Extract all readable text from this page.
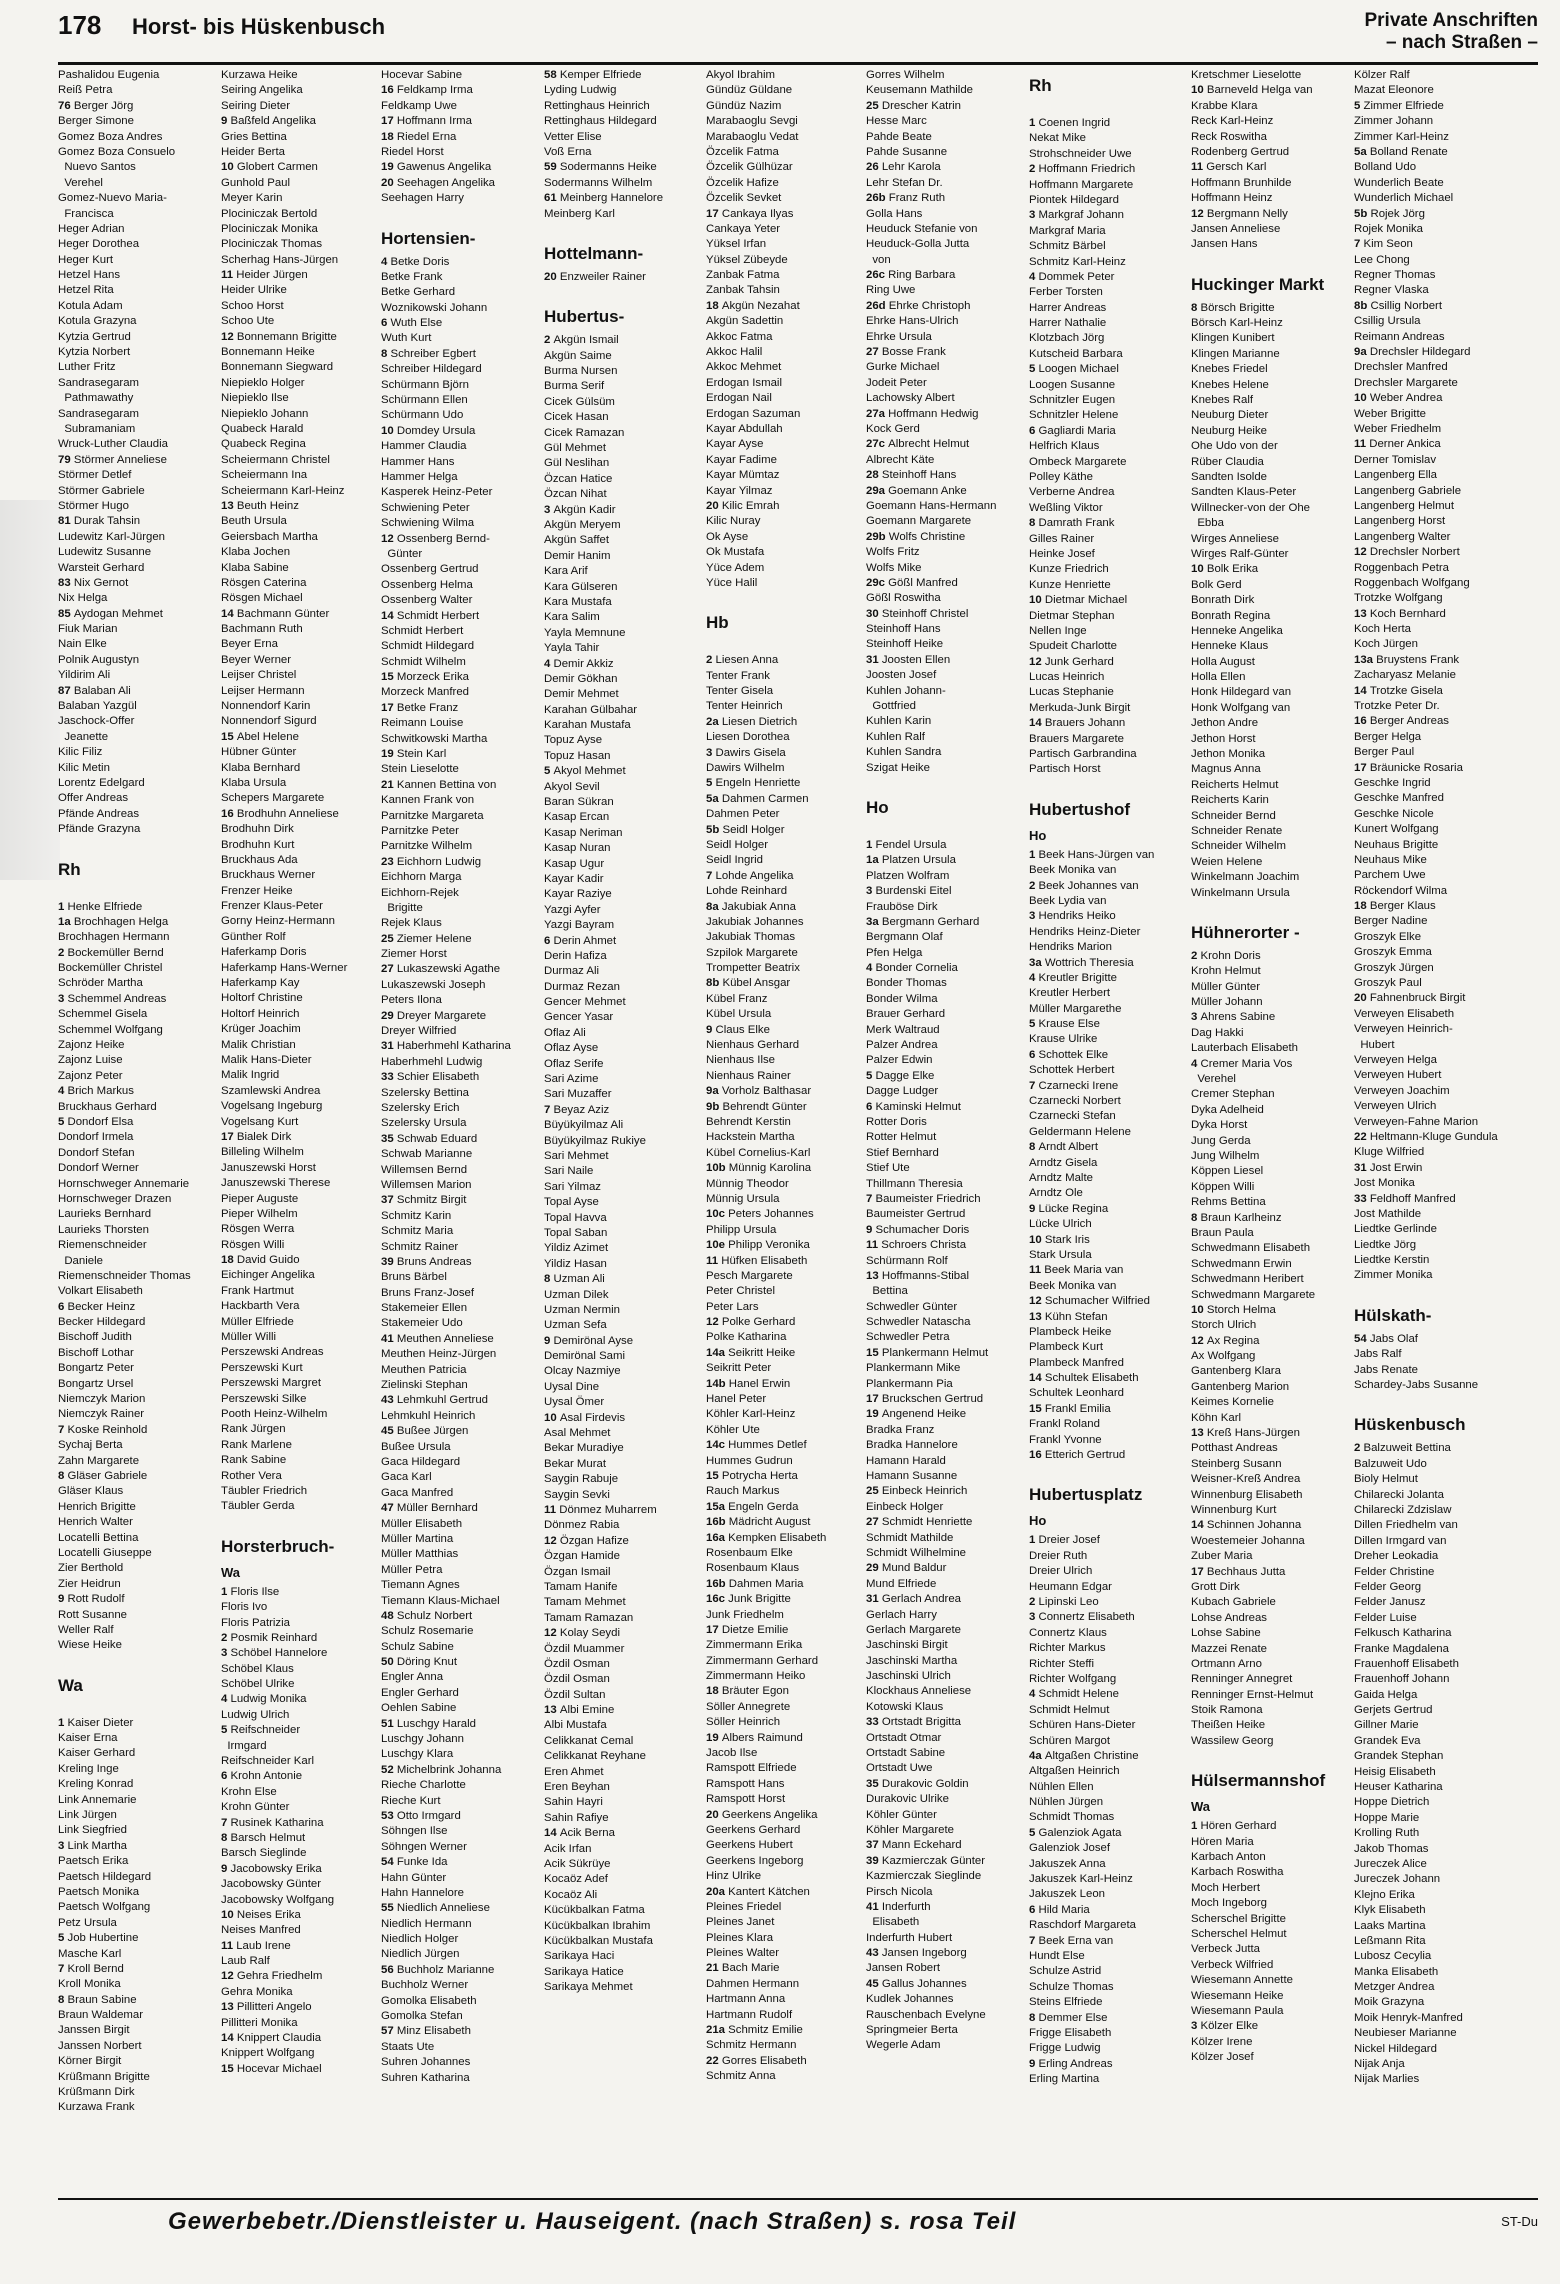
178 Horst- bis Hüskenbusch	Private Anschriften
– nach Straßen –
Pashalidou Eugenia
Reiß Petra
76 Berger Jörg
Berger Simone
Gomez Boza Andres
Gomez Boza Consuelo
Nuevo Santos
Verehel
Gomez-Nuevo Maria-
Francisca
Heger Adrian
Heger Dorothea
Heger Kurt
Hetzel Hans
Hetzel Rita
Kotula Adam
Kotula Grazyna
Kytzia Gertrud
Kytzia Norbert
Luther Fritz
Sandrasegaram
Pathmawathy
Sandrasegaram
Subramaniam
Wruck-Luther Claudia
79 Störmer Anneliese
Störmer Detlef
Störmer Gabriele
Störmer Hugo
81 Durak Tahsin
Ludewitz Karl-Jürgen
Ludewitz Susanne
Warsteit Gerhard
83 Nix Gernot
Nix Helga
85 Aydogan Mehmet
Fiuk Marian
Nain Elke
Polnik Augustyn
Yildirim Ali
87 Balaban Ali
Balaban Yazgül
Jaschock-Offer
Jeanette
Kilic Filiz
Kilic Metin
Lorentz Edelgard
Offer Andreas
Pfände Andreas
Pfände Grazyna
Rh
1 Henke Elfriede
1a Brochhagen Helga
Brochhagen Hermann
2 Bockemüller Bernd
Bockemüller Christel
Schröder Martha
3 Schemmel Andreas
Schemmel Gisela
Schemmel Wolfgang
Zajonz Heike
Zajonz Luise
Zajonz Peter
4 Brich Markus
Bruckhaus Gerhard
5 Dondorf Elsa
Dondorf Irmela
Dondorf Stefan
Dondorf Werner
Hornschweger Annemarie
Hornschweger Drazen
Laurieks Bernhard
Laurieks Thorsten
Riemenschneider
Daniele
Riemenschneider Thomas
Volkart Elisabeth
6 Becker Heinz
Becker Hildegard
Bischoff Judith
Bischoff Lothar
Bongartz Peter
Bongartz Ursel
Niemczyk Marion
Niemczyk Rainer
7 Koske Reinhold
Sychaj Berta
Zahn Margarete
8 Gläser Gabriele
Gläser Klaus
Henrich Brigitte
Henrich Walter
Locatelli Bettina
Locatelli Giuseppe
Zier Berthold
Zier Heidrun
9 Rott Rudolf
Rott Susanne
Weller Ralf
Wiese Heike
Wa
1 Kaiser Dieter
Kaiser Erna
Kaiser Gerhard
Kreling Inge
Kreling Konrad
Link Annemarie
Link Jürgen
Link Siegfried
3 Link Martha
Paetsch Erika
Paetsch Hildegard
Paetsch Monika
Paetsch Wolfgang
Petz Ursula
5 Job Hubertine
Masche Karl
7 Kroll Bernd
Kroll Monika
8 Braun Sabine
Braun Waldemar
Janssen Birgit
Janssen Norbert
Körner Birgit
Krüßmann Brigitte
Krüßmann Dirk
Kurzawa Frank
Kurzawa Heike
Seiring Angelika
Seiring Dieter
9 Baßfeld Angelika
Gries Bettina
Heider Berta
10 Globert Carmen
Gunhold Paul
Meyer Karin
Plociniczak Bertold
Plociniczak Monika
Plociniczak Thomas
Scherhag Hans-Jürgen
11 Heider Jürgen
Heider Ulrike
Schoo Horst
Schoo Ute
12 Bonnemann Brigitte
Bonnemann Heike
Bonnemann Siegward
Niepieklo Holger
Niepieklo Ilse
Niepieklo Johann
Quabeck Harald
Quabeck Regina
Scheiermann Christel
Scheiermann Ina
Scheiermann Karl-Heinz
13 Beuth Heinz
Beuth Ursula
Geiersbach Martha
Klaba Jochen
Klaba Sabine
Rösgen Caterina
Rösgen Michael
14 Bachmann Günter
Bachmann Ruth
Beyer Erna
Beyer Werner
Leijser Christel
Leijser Hermann
Nonnendorf Karin
Nonnendorf Sigurd
15 Abel Helene
Hübner Günter
Klaba Bernhard
Klaba Ursula
Schepers Margarete
16 Brodhuhn Anneliese
Brodhuhn Dirk
Brodhuhn Kurt
Bruckhaus Ada
Bruckhaus Werner
Frenzer Heike
Frenzer Klaus-Peter
Gorny Heinz-Hermann
Günther Rolf
Haferkamp Doris
Haferkamp Hans-Werner
Haferkamp Kay
Holtorf Christine
Holtorf Heinrich
Krüger Joachim
Malik Christian
Malik Hans-Dieter
Malik Ingrid
Szamlewski Andrea
Vogelsang Ingeburg
Vogelsang Kurt
17 Bialek Dirk
Billeling Wilhelm
Januszewski Horst
Januszewski Therese
Pieper Auguste
Pieper Wilhelm
Rösgen Werra
Rösgen Willi
18 David Guido
Eichinger Angelika
Frank Hartmut
Hackbarth Vera
Müller Elfriede
Müller Willi
Perszewski Andreas
Perszewski Kurt
Perszewski Margret
Perszewski Silke
Pooth Heinz-Wilhelm
Rank Jürgen
Rank Marlene
Rank Sabine
Rother Vera
Täubler Friedrich
Täubler Gerda
Horsterbruch-
Wa
1 Floris Ilse
Floris Ivo
Floris Patrizia
2 Posmik Reinhard
3 Schöbel Hannelore
Schöbel Klaus
Schöbel Ulrike
4 Ludwig Monika
Ludwig Ulrich
5 Reifschneider
Irmgard
Reifschneider Karl
6 Krohn Antonie
Krohn Else
Krohn Günter
7 Rusinek Katharina
8 Barsch Helmut
Barsch Sieglinde
9 Jacobowsky Erika
Jacobowsky Günter
Jacobowsky Wolfgang
10 Neises Erika
Neises Manfred
11 Laub Irene
Laub Ralf
12 Gehra Friedhelm
Gehra Monika
13 Pillitteri Angelo
Pillitteri Monika
14 Knippert Claudia
Knippert Wolfgang
15 Hocevar Michael
Hocevar Sabine
16 Feldkamp Irma
Feldkamp Uwe
17 Hoffmann Irma
18 Riedel Erna
Riedel Horst
19 Gawenus Angelika
20 Seehagen Angelika
Seehagen Harry
Hortensien-
4 Betke Doris
Betke Frank
Betke Gerhard
Woznikowski Johann
6 Wuth Else
Wuth Kurt
8 Schreiber Egbert
Schreiber Hildegard
Schürmann Björn
Schürmann Ellen
Schürmann Udo
10 Domdey Ursula
Hammer Claudia
Hammer Hans
Hammer Helga
Kasperek Heinz-Peter
Schwiening Peter
Schwiening Wilma
12 Ossenberg Bernd-
Günter
Ossenberg Gertrud
Ossenberg Helma
Ossenberg Walter
14 Schmidt Herbert
Schmidt Herbert
Schmidt Hildegard
Schmidt Wilhelm
15 Morzeck Erika
Morzeck Manfred
17 Betke Franz
Reimann Louise
Schwitkowski Martha
19 Stein Karl
Stein Lieselotte
21 Kannen Bettina von
Kannen Frank von
Parnitzke Margareta
Parnitzke Peter
Parnitzke Wilhelm
23 Eichhorn Ludwig
Eichhorn Marga
Eichhorn-Rejek
Brigitte
Rejek Klaus
25 Ziemer Helene
Ziemer Horst
27 Lukaszewski Agathe
Lukaszewski Joseph
Peters Ilona
29 Dreyer Margarete
Dreyer Wilfried
31 Haberhmehl Katharina
Haberhmehl Ludwig
33 Schier Elisabeth
Szelersky Bettina
Szelersky Erich
Szelersky Ursula
35 Schwab Eduard
Schwab Marianne
Willemsen Bernd
Willemsen Marion
37 Schmitz Birgit
Schmitz Karin
Schmitz Maria
Schmitz Rainer
39 Bruns Andreas
Bruns Bärbel
Bruns Franz-Josef
Stakemeier Ellen
Stakemeier Udo
41 Meuthen Anneliese
Meuthen Heinz-Jürgen
Meuthen Patricia
Zielinski Stephan
43 Lehmkuhl Gertrud
Lehmkuhl Heinrich
45 Bußee Jürgen
Bußee Ursula
Gaca Hildegard
Gaca Karl
Gaca Manfred
47 Müller Bernhard
Müller Elisabeth
Müller Martina
Müller Matthias
Müller Petra
Tiemann Agnes
Tiemann Klaus-Michael
48 Schulz Norbert
Schulz Rosemarie
Schulz Sabine
50 Döring Knut
Engler Anna
Engler Gerhard
Oehlen Sabine
51 Luschgy Harald
Luschgy Johann
Luschgy Klara
52 Michelbrink Johanna
Rieche Charlotte
Rieche Kurt
53 Otto Irmgard
Söhngen Ilse
Söhngen Werner
54 Funke Ida
Hahn Günter
Hahn Hannelore
55 Niedlich Anneliese
Niedlich Hermann
Niedlich Holger
Niedlich Jürgen
56 Buchholz Marianne
Buchholz Werner
Gomolka Elisabeth
Gomolka Stefan
57 Minz Elisabeth
Staats Ute
Suhren Johannes
Suhren Katharina
58 Kemper Elfriede
Lyding Ludwig
Rettinghaus Heinrich
Rettinghaus Hildegard
Vetter Elise
Voß Erna
59 Sodermanns Heike
Sodermanns Wilhelm
61 Meinberg Hannelore
Meinberg Karl
Hottelmann-
20 Enzweiler Rainer
Hubertus-
2 Akgün Ismail
Akgün Saime
Burma Nursen
Burma Serif
Cicek Gülsüm
Cicek Hasan
Cicek Ramazan
Gül Mehmet
Gül Neslihan
Özcan Hatice
Özcan Nihat
3 Akgün Kadir
Akgün Meryem
Akgün Saffet
Demir Hanim
Kara Arif
Kara Gülseren
Kara Mustafa
Kara Salim
Yayla Memnune
Yayla Tahir
4 Demir Akkiz
Demir Gökhan
Demir Mehmet
Karahan Gülbahar
Karahan Mustafa
Topuz Ayse
Topuz Hasan
5 Akyol Mehmet
Akyol Sevil
Baran Sükran
Kasap Ercan
Kasap Neriman
Kasap Nuran
Kasap Ugur
Kayar Kadir
Kayar Raziye
Yazgi Ayfer
Yazgi Bayram
6 Derin Ahmet
Derin Hafiza
Durmaz Ali
Durmaz Rezan
Gencer Mehmet
Gencer Yasar
Oflaz Ali
Oflaz Ayse
Oflaz Serife
Sari Azime
Sari Muzaffer
7 Beyaz Aziz
Büyükyilmaz Ali
Büyükyilmaz Rukiye
Sari Mehmet
Sari Naile
Sari Yilmaz
Topal Ayse
Topal Havva
Topal Saban
Yildiz Azimet
Yildiz Hasan
8 Uzman Ali
Uzman Dilek
Uzman Nermin
Uzman Sefa
9 Demirönal Ayse
Demirönal Sami
Olcay Nazmiye
Uysal Dine
Uysal Ömer
10 Asal Firdevis
Asal Mehmet
Bekar Muradiye
Bekar Murat
Saygin Rabuje
Saygin Sevki
11 Dönmez Muharrem
Dönmez Rabia
12 Özgan Hafize
Özgan Hamide
Özgan Ismail
Tamam Hanife
Tamam Mehmet
Tamam Ramazan
12 Kolay Seydi
Özdil Muammer
Özdil Osman
Özdil Osman
Özdil Sultan
13 Albi Emine
Albi Mustafa
Celikkanat Cemal
Celikkanat Reyhane
Eren Ahmet
Eren Beyhan
Sahin Hayri
Sahin Rafiye
14 Acik Berna
Acik Irfan
Acik Sükrüye
Kocaöz Adef
Kocaöz Ali
Kücükbalkan Fatma
Kücükbalkan Ibrahim
Kücükbalkan Mustafa
Sarikaya Haci
Sarikaya Hatice
Sarikaya Mehmet
Akyol Ibrahim
Gündüz Güldane
Gündüz Nazim
Marabaoglu Sevgi
Marabaoglu Vedat
Özcelik Fatma
Özcelik Gülhüzar
Özcelik Hafize
Özcelik Sevket
17 Cankaya Ilyas
Cankaya Yeter
Yüksel Irfan
Yüksel Zübeyde
Zanbak Fatma
Zanbak Tahsin
18 Akgün Nezahat
Akgün Sadettin
Akkoc Fatma
Akkoc Halil
Akkoc Mehmet
Erdogan Ismail
Erdogan Nail
Erdogan Sazuman
Kayar Abdullah
Kayar Ayse
Kayar Fadime
Kayar Mümtaz
Kayar Yilmaz
20 Kilic Emrah
Kilic Nuray
Ok Ayse
Ok Mustafa
Yüce Adem
Yüce Halil
Hb
2 Liesen Anna
Tenter Frank
Tenter Gisela
Tenter Heinrich
2a Liesen Dietrich
Liesen Dorothea
3 Dawirs Gisela
Dawirs Wilhelm
5 Engeln Henriette
5a Dahmen Carmen
Dahmen Peter
5b Seidl Holger
Seidl Holger
Seidl Ingrid
7 Lohde Angelika
Lohde Reinhard
8a Jakubiak Anna
Jakubiak Johannes
Jakubiak Thomas
Szpilok Margarete
Trompetter Beatrix
8b Kübel Ansgar
Kübel Franz
Kübel Ursula
9 Claus Elke
Nienhaus Gerhard
Nienhaus Ilse
Nienhaus Rainer
9a Vorholz Balthasar
9b Behrendt Günter
Behrendt Kerstin
Hackstein Martha
Kübel Cornelius-Karl
10b Münnig Karolina
Münnig Theodor
Münnig Ursula
10c Peters Johannes
Philipp Ursula
10e Philipp Veronika
11 Hüfken Elisabeth
Pesch Margarete
Peter Christel
Peter Lars
12 Polke Gerhard
Polke Katharina
14a Seikritt Heike
Seikritt Peter
14b Hanel Erwin
Hanel Peter
Köhler Karl-Heinz
Köhler Ute
14c Hummes Detlef
Hummes Gudrun
15 Potrycha Herta
Rauch Markus
15a Engeln Gerda
16b Mädricht August
16a Kempken Elisabeth
Rosenbaum Elke
Rosenbaum Klaus
16b Dahmen Maria
16c Junk Brigitte
Junk Friedhelm
17 Dietze Emilie
Zimmermann Erika
Zimmermann Gerhard
Zimmermann Heiko
18 Bräuter Egon
Söller Annegrete
Söller Heinrich
19 Albers Raimund
Jacob Ilse
Ramspott Elfriede
Ramspott Hans
Ramspott Horst
20 Geerkens Angelika
Geerkens Gerhard
Geerkens Hubert
Geerkens Ingeborg
Hinz Ulrike
20a Kantert Kätchen
Pleines Friedel
Pleines Janet
Pleines Klara
Pleines Walter
21 Bach Marie
Dahmen Hermann
Hartmann Anna
Hartmann Rudolf
21a Schmitz Emilie
Schmitz Hermann
22 Gorres Elisabeth
Schmitz Anna
Gorres Wilhelm
Keusemann Mathilde
25 Drescher Katrin
Hesse Marc
Pahde Beate
Pahde Susanne
26 Lehr Karola
Lehr Stefan Dr.
26b Franz Ruth
Golla Hans
Heuduck Stefanie von
Heuduck-Golla Jutta
von
26c Ring Barbara
Ring Uwe
26d Ehrke Christoph
Ehrke Hans-Ulrich
Ehrke Ursula
27 Bosse Frank
Gurke Michael
Jodeit Peter
Lachowsky Albert
27a Hoffmann Hedwig
Kock Gerd
27c Albrecht Helmut
Albrecht Käte
28 Steinhoff Hans
29a Goemann Anke
Goemann Hans-Hermann
Goemann Margarete
29b Wolfs Christine
Wolfs Fritz
Wolfs Mike
29c Gößl Manfred
Gößl Roswitha
30 Steinhoff Christel
Steinhoff Hans
Steinhoff Heike
31 Joosten Ellen
Joosten Josef
Kuhlen Johann-
Gottfried
Kuhlen Karin
Kuhlen Ralf
Kuhlen Sandra
Szigat Heike
Ho
1 Fendel Ursula
1a Platzen Ursula
Platzen Wolfram
3 Burdenski Eitel
Frauböse Dirk
3a Bergmann Gerhard
Bergmann Olaf
Pfen Helga
4 Bonder Cornelia
Bonder Thomas
Bonder Wilma
Brauer Gerhard
Merk Waltraud
Palzer Andrea
Palzer Edwin
5 Dagge Elke
Dagge Ludger
6 Kaminski Helmut
Rotter Doris
Rotter Helmut
Stief Bernhard
Stief Ute
Thillmann Theresia
7 Baumeister Friedrich
Baumeister Gertrud
9 Schumacher Doris
11 Schroers Christa
Schürmann Rolf
13 Hoffmanns-Stibal
Bettina
Schwedler Günter
Schwedler Natascha
Schwedler Petra
15 Plankermann Helmut
Plankermann Mike
Plankermann Pia
17 Bruckschen Gertrud
19 Angenend Heike
Bradka Franz
Bradka Hannelore
Hamann Harald
Hamann Susanne
25 Einbeck Heinrich
Einbeck Holger
27 Schmidt Henriette
Schmidt Mathilde
Schmidt Wilhelmine
29 Mund Baldur
Mund Elfriede
31 Gerlach Andrea
Gerlach Harry
Gerlach Margarete
Jaschinski Birgit
Jaschinski Martha
Jaschinski Ulrich
Klockhaus Anneliese
Kotowski Klaus
33 Ortstadt Brigitta
Ortstadt Otmar
Ortstadt Sabine
Ortstadt Uwe
35 Durakovic Goldin
Durakovic Ulrike
Köhler Günter
Köhler Margarete
37 Mann Eckehard
39 Kazmierczak Günter
Kazmierczak Sieglinde
Pirsch Nicola
41 Inderfurth
Elisabeth
Inderfurth Hubert
43 Jansen Ingeborg
Jansen Robert
45 Gallus Johannes
Kudlek Johannes
Rauschenbach Evelyne
Springmeier Berta
Wegerle Adam
Rh
1 Coenen Ingrid
Nekat Mike
Strohschneider Uwe
2 Hoffmann Friedrich
Hoffmann Margarete
Piontek Hildegard
3 Markgraf Johann
Markgraf Maria
Schmitz Bärbel
Schmitz Karl-Heinz
4 Dommek Peter
Ferber Torsten
Harrer Andreas
Harrer Nathalie
Klotzbach Jörg
Kutscheid Barbara
5 Loogen Michael
Loogen Susanne
Schnitzler Eugen
Schnitzler Helene
6 Gagliardi Maria
Helfrich Klaus
Ombeck Margarete
Polley Käthe
Verberne Andrea
Weßling Viktor
8 Damrath Frank
Gilles Rainer
Heinke Josef
Kunze Friedrich
Kunze Henriette
10 Dietmar Michael
Dietmar Stephan
Nellen Inge
Spudeit Charlotte
12 Junk Gerhard
Lucas Heinrich
Lucas Stephanie
Merkuda-Junk Birgit
14 Brauers Johann
Brauers Margarete
Partisch Garbrandina
Partisch Horst
Hubertushof
Ho
1 Beek Hans-Jürgen van
Beek Monika van
2 Beek Johannes van
Beek Lydia van
3 Hendriks Heiko
Hendriks Heinz-Dieter
Hendriks Marion
3a Wottrich Theresia
4 Kreutler Brigitte
Kreutler Herbert
Müller Margarethe
5 Krause Else
Krause Ulrike
6 Schottek Elke
Schottek Herbert
7 Czarnecki Irene
Czarnecki Norbert
Czarnecki Stefan
Geldermann Helene
8 Arndt Albert
Arndtz Gisela
Arndtz Malte
Arndtz Ole
9 Lücke Regina
Lücke Ulrich
10 Stark Iris
Stark Ursula
11 Beek Maria van
Beek Monika van
12 Schumacher Wilfried
13 Kühn Stefan
Plambeck Heike
Plambeck Kurt
Plambeck Manfred
14 Schultek Elisabeth
Schultek Leonhard
15 Frankl Emilia
Frankl Roland
Frankl Yvonne
16 Etterich Gertrud
Hubertusplatz
Ho
1 Dreier Josef
Dreier Ruth
Dreier Ulrich
Heumann Edgar
2 Lipinski Leo
3 Connertz Elisabeth
Connertz Klaus
Richter Markus
Richter Steffi
Richter Wolfgang
4 Schmidt Helene
Schmidt Helmut
Schüren Hans-Dieter
Schüren Margot
4a Altgaßen Christine
Altgaßen Heinrich
Nühlen Ellen
Nühlen Jürgen
Schmidt Thomas
5 Galenziok Agata
Galenziok Josef
Jakuszek Anna
Jakuszek Karl-Heinz
Jakuszek Leon
6 Hild Maria
Raschdorf Margareta
7 Beek Erna van
Hundt Else
Schulze Astrid
Schulze Thomas
Steins Elfriede
8 Demmer Else
Frigge Elisabeth
Frigge Ludwig
9 Erling Andreas
Erling Martina
Kretschmer Lieselotte
10 Barneveld Helga van
Krabbe Klara
Reck Karl-Heinz
Reck Roswitha
Rodenberg Gertrud
11 Gersch Karl
Hoffmann Brunhilde
Hoffmann Heinz
12 Bergmann Nelly
Jansen Anneliese
Jansen Hans
Huckinger Markt
8 Börsch Brigitte
Börsch Karl-Heinz
Klingen Kunibert
Klingen Marianne
Knebes Friedel
Knebes Helene
Knebes Ralf
Neuburg Dieter
Neuburg Heike
Ohe Udo von der
Rüber Claudia
Sandten Isolde
Sandten Klaus-Peter
Willnecker-von der Ohe
Ebba
Wirges Anneliese
Wirges Ralf-Günter
10 Bolk Erika
Bolk Gerd
Bonrath Dirk
Bonrath Regina
Henneke Angelika
Henneke Klaus
Holla August
Holla Ellen
Honk Hildegard van
Honk Wolfgang van
Jethon Andre
Jethon Horst
Jethon Monika
Magnus Anna
Reicherts Helmut
Reicherts Karin
Schneider Bernd
Schneider Renate
Schneider Wilhelm
Weien Helene
Winkelmann Joachim
Winkelmann Ursula
Hühnerorter -
2 Krohn Doris
Krohn Helmut
Müller Günter
Müller Johann
3 Ahrens Sabine
Dag Hakki
Lauterbach Elisabeth
4 Cremer Maria Vos
Verehel
Cremer Stephan
Dyka Adelheid
Dyka Horst
Jung Gerda
Jung Wilhelm
Köppen Liesel
Köppen Willi
Rehms Bettina
8 Braun Karlheinz
Braun Paula
Schwedmann Elisabeth
Schwedmann Erwin
Schwedmann Heribert
Schwedmann Margarete
10 Storch Helma
Storch Ulrich
12 Ax Regina
Ax Wolfgang
Gantenberg Klara
Gantenberg Marion
Keimes Kornelie
Köhn Karl
13 Kreß Hans-Jürgen
Potthast Andreas
Steinberg Susann
Weisner-Kreß Andrea
Winnenburg Elisabeth
Winnenburg Kurt
14 Schinnen Johanna
Woestemeier Johanna
Zuber Maria
17 Bechhaus Jutta
Grott Dirk
Kubach Gabriele
Lohse Andreas
Lohse Sabine
Mazzei Renate
Ortmann Arno
Renninger Annegret
Renninger Ernst-Helmut
Stoik Ramona
Theißen Heike
Wassilew Georg
Hülsermannshof
Wa
1 Hören Gerhard
Hören Maria
Karbach Anton
Karbach Roswitha
Moch Herbert
Moch Ingeborg
Scherschel Brigitte
Scherschel Helmut
Verbeck Jutta
Verbeck Wilfried
Wiesemann Annette
Wiesemann Heike
Wiesemann Paula
3 Kölzer Elke
Kölzer Irene
Kölzer Josef
Kölzer Ralf
Mazat Eleonore
5 Zimmer Elfriede
Zimmer Johann
Zimmer Karl-Heinz
5a Bolland Renate
Bolland Udo
Wunderlich Beate
Wunderlich Michael
5b Rojek Jörg
Rojek Monika
7 Kim Seon
Lee Chong
Regner Thomas
Regner Vlaska
8b Csillig Norbert
Csillig Ursula
Reimann Andreas
9a Drechsler Hildegard
Drechsler Manfred
Drechsler Margarete
10 Weber Andrea
Weber Brigitte
Weber Friedhelm
11 Derner Ankica
Derner Tomislav
Langenberg Ella
Langenberg Gabriele
Langenberg Helmut
Langenberg Horst
Langenberg Walter
12 Drechsler Norbert
Roggenbach Petra
Roggenbach Wolfgang
Trotzke Wolfgang
13 Koch Bernhard
Koch Herta
Koch Jürgen
13a Bruystens Frank
Zacharyasz Melanie
14 Trotzke Gisela
Trotzke Peter Dr.
16 Berger Andreas
Berger Helga
Berger Paul
17 Bräunicke Rosaria
Geschke Ingrid
Geschke Manfred
Geschke Nicole
Kunert Wolfgang
Neuhaus Brigitte
Neuhaus Mike
Parchem Uwe
Röckendorf Wilma
18 Berger Klaus
Berger Nadine
Groszyk Elke
Groszyk Emma
Groszyk Jürgen
Groszyk Paul
20 Fahnenbruck Birgit
Verweyen Elisabeth
Verweyen Heinrich-
Hubert
Verweyen Helga
Verweyen Hubert
Verweyen Joachim
Verweyen Ulrich
Verweyen-Fahne Marion
22 Heltmann-Kluge Gundula
Kluge Wilfried
31 Jost Erwin
Jost Monika
33 Feldhoff Manfred
Jost Mathilde
Liedtke Gerlinde
Liedtke Jörg
Liedtke Kerstin
Zimmer Monika
Hülskath-
54 Jabs Olaf
Jabs Ralf
Jabs Renate
Schardey-Jabs Susanne
Hüskenbusch
2 Balzuweit Bettina
Balzuweit Udo
Bioly Helmut
Chilarecki Jolanta
Chilarecki Zdzislaw
Dillen Friedhelm van
Dillen Irmgard van
Dreher Leokadia
Felder Christine
Felder Georg
Felder Janusz
Felder Luise
Felkusch Katharina
Franke Magdalena
Frauenhoff Elisabeth
Frauenhoff Johann
Gaida Helga
Gerjets Gertrud
Gillner Marie
Grandek Eva
Grandek Stephan
Heisig Elisabeth
Heuser Katharina
Hoppe Dietrich
Hoppe Marie
Krolling Ruth
Jakob Thomas
Jureczek Alice
Jureczek Johann
Klejno Erika
Klyk Elisabeth
Laaks Martina
Leßmann Rita
Lubosz Cecylia
Manka Elisabeth
Metzger Andrea
Moik Grazyna
Moik Henryk-Manfred
Neubieser Marianne
Nickel Hildegard
Nijak Anja
Nijak Marlies
Gewerbebetr./Dienstleister u. Hauseigent. (nach Straßen) s. rosa Teil	ST-Du
